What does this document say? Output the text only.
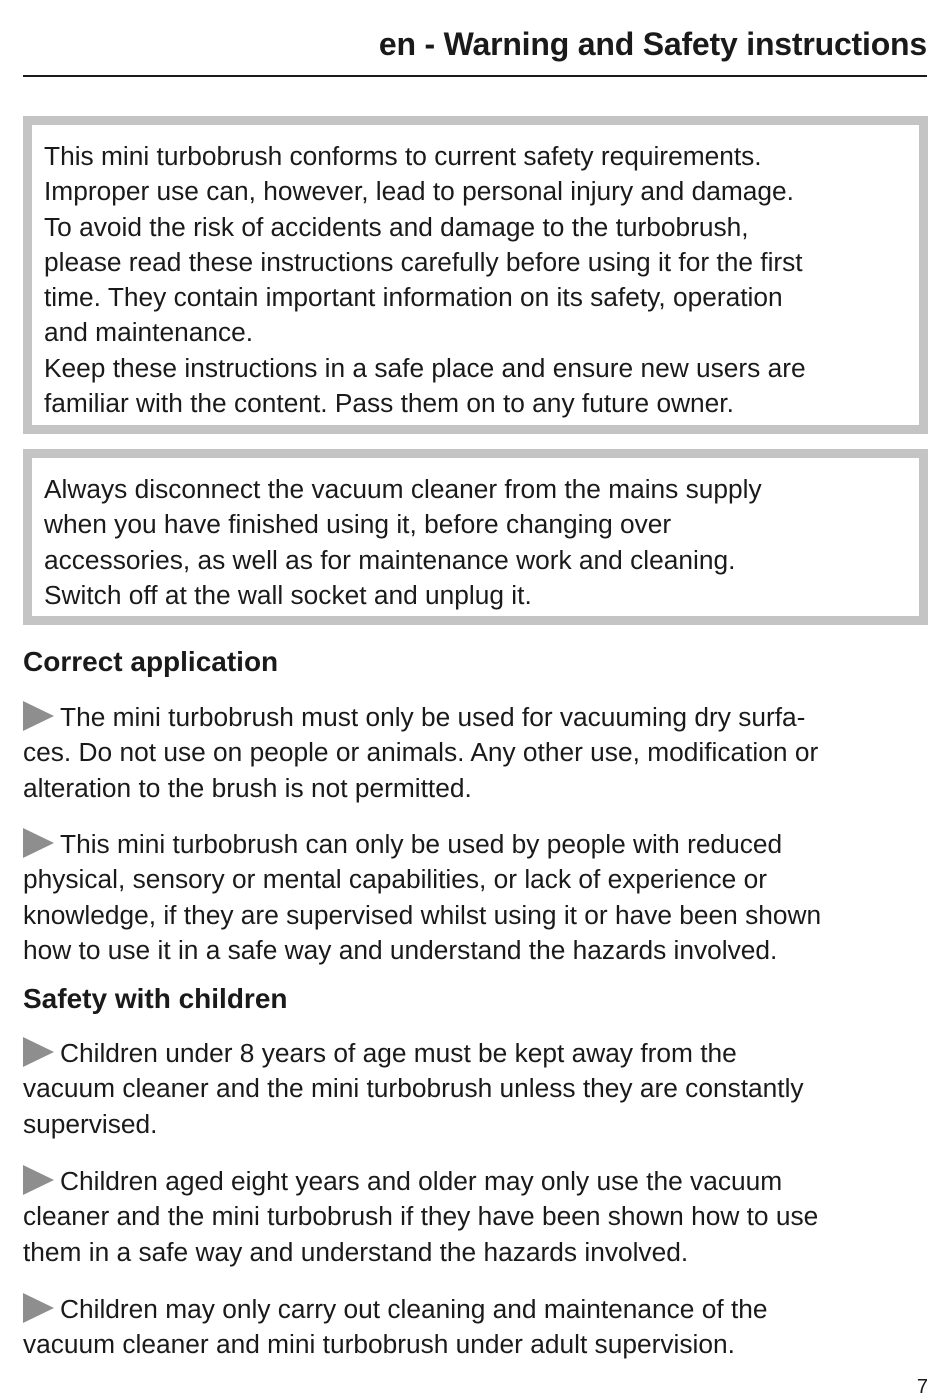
en - Warning and Safety instructions

This mini turbobrush conforms to current safety requirements.

Improper use can, however, lead to personal injury and damage.

To avoid the risk of accidents and damage to the turbobrush,

please read these instructions carefully before using it for the first

time. They contain important information on its safety, operation

and maintenance.

Keep these instructions in a safe place and ensure new users are

familiar with the content. Pass them on to any future owner.

Always disconnect the vacuum cleaner from the mains supply

when you have finished using it, before changing over

accessories, as well as for maintenance work and cleaning.

Switch off at the wall socket and unplug it.

Correct application
The mini turbobrush must only be used for vacuuming dry surfa-
ces. Do not use on people or animals. Any other use, modification or
alteration to the brush is not permitted.
This mini turbobrush can only be used by people with reduced
physical, sensory or mental capabilities, or lack of experience or
knowledge, if they are supervised whilst using it or have been shown
how to use it in a safe way and understand the hazards involved.
Safety with children
Children under 8 years of age must be kept away from the
vacuum cleaner and the mini turbobrush unless they are constantly
supervised.
Children aged eight years and older may only use the vacuum
cleaner and the mini turbobrush if they have been shown how to use
them in a safe way and understand the hazards involved.
Children may only carry out cleaning and maintenance of the
vacuum cleaner and mini turbobrush under adult supervision.
7
